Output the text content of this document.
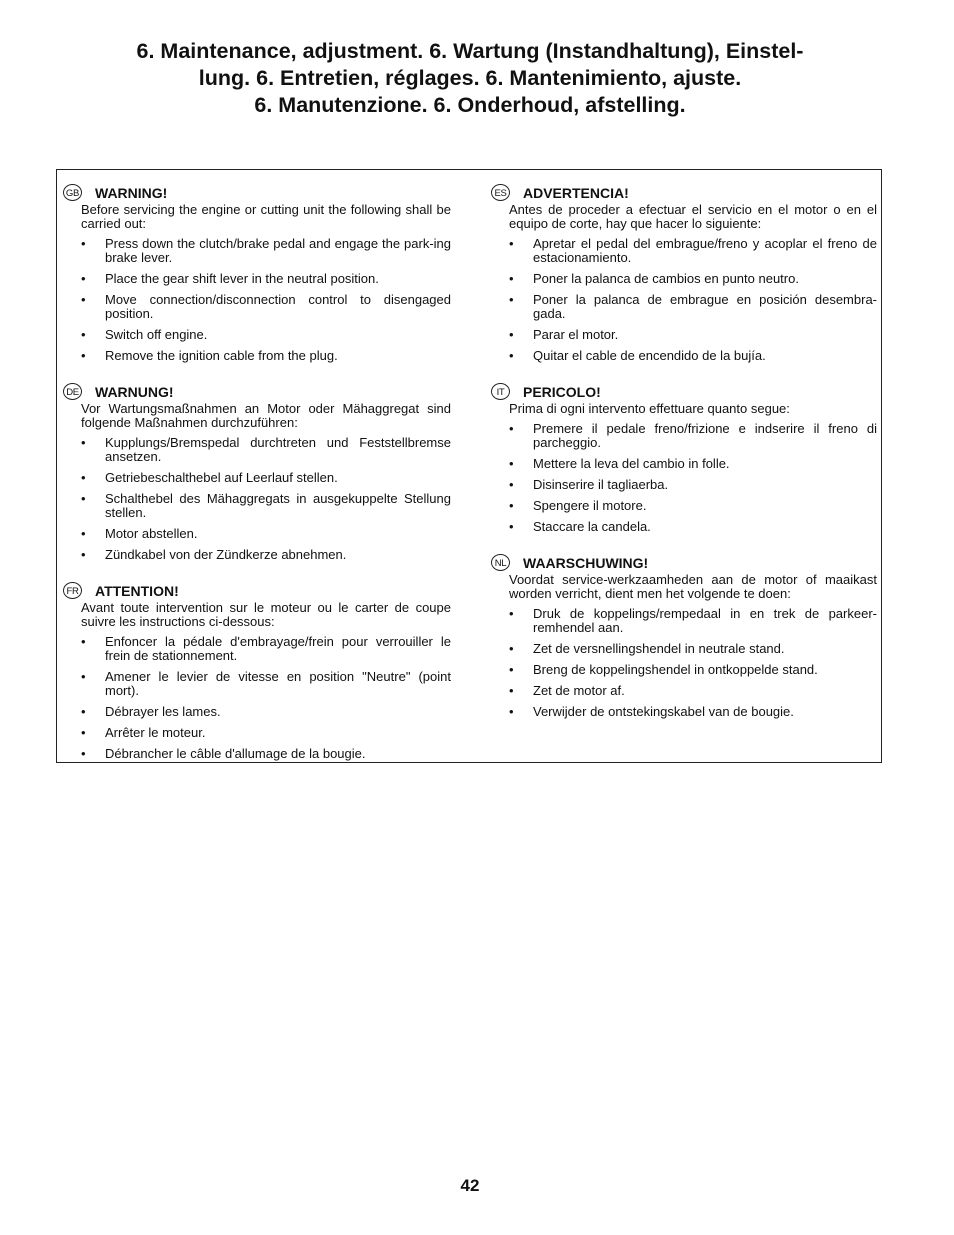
6. Maintenance, adjustment. 6. Wartung (Instandhaltung), Einstel-
lung. 6. Entretien, réglages. 6. Mantenimiento, ajuste.
6. Manutenzione. 6. Onderhoud, afstelling.
GB WARNING!
Before servicing the engine or cutting unit the following shall be carried out:
• Press down the clutch/brake pedal and engage the park-ing brake lever.
• Place the gear shift lever in the neutral position.
• Move connection/disconnection control to disengaged position.
• Switch off engine.
• Remove the ignition cable from the plug.
DE WARNUNG!
Vor Wartungsmaßnahmen an Motor oder Mähaggregat sind folgende Maßnahmen durchzuführen:
• Kupplungs/Bremspedal durchtreten und Feststellbremse ansetzen.
• Getriebeschalthebel auf Leerlauf stellen.
• Schalthebel des Mähaggregats in ausgekuppelte Stellung stellen.
• Motor abstellen.
• Zündkabel von der Zündkerze abnehmen.
FR ATTENTION!
Avant toute intervention sur le moteur ou le carter de coupe suivre les instructions ci-dessous:
• Enfoncer la pédale d'embrayage/frein pour verrouiller le frein de stationnement.
• Amener le levier de vitesse en position "Neutre" (point mort).
• Débrayer les lames.
• Arrêter le moteur.
• Débrancher le câble d'allumage de la bougie.
ES ADVERTENCIA!
Antes de proceder a efectuar el servicio en el motor o en el equipo de corte, hay que hacer lo siguiente:
• Apretar el pedal del embrague/freno y acoplar el freno de estacionamiento.
• Poner la palanca de cambios en punto neutro.
• Poner la palanca de embrague en posición desembra-gada.
• Parar el motor.
• Quitar el cable de encendido de la bujía.
IT	PERICOLO!
Prima di ogni intervento effettuare quanto segue:
• Premere il pedale freno/frizione e indserire il freno di parcheggio.
• Mettere la leva del cambio in folle.
• Disinserire il tagliaerba.
• Spengere il motore.
• Staccare la candela.
NL WAARSCHUWING!
Voordat service-werkzaamheden aan de motor of maaikast worden verricht, dient men het volgende te doen:
• Druk de koppelings/rempedaal in en trek de parkeer-remhendel aan.
• Zet de versnellingshendel in neutrale stand.
• Breng de koppelingshendel in ontkoppelde stand.
• Zet de motor af.
• Verwijder de ontstekingskabel van de bougie.
42
